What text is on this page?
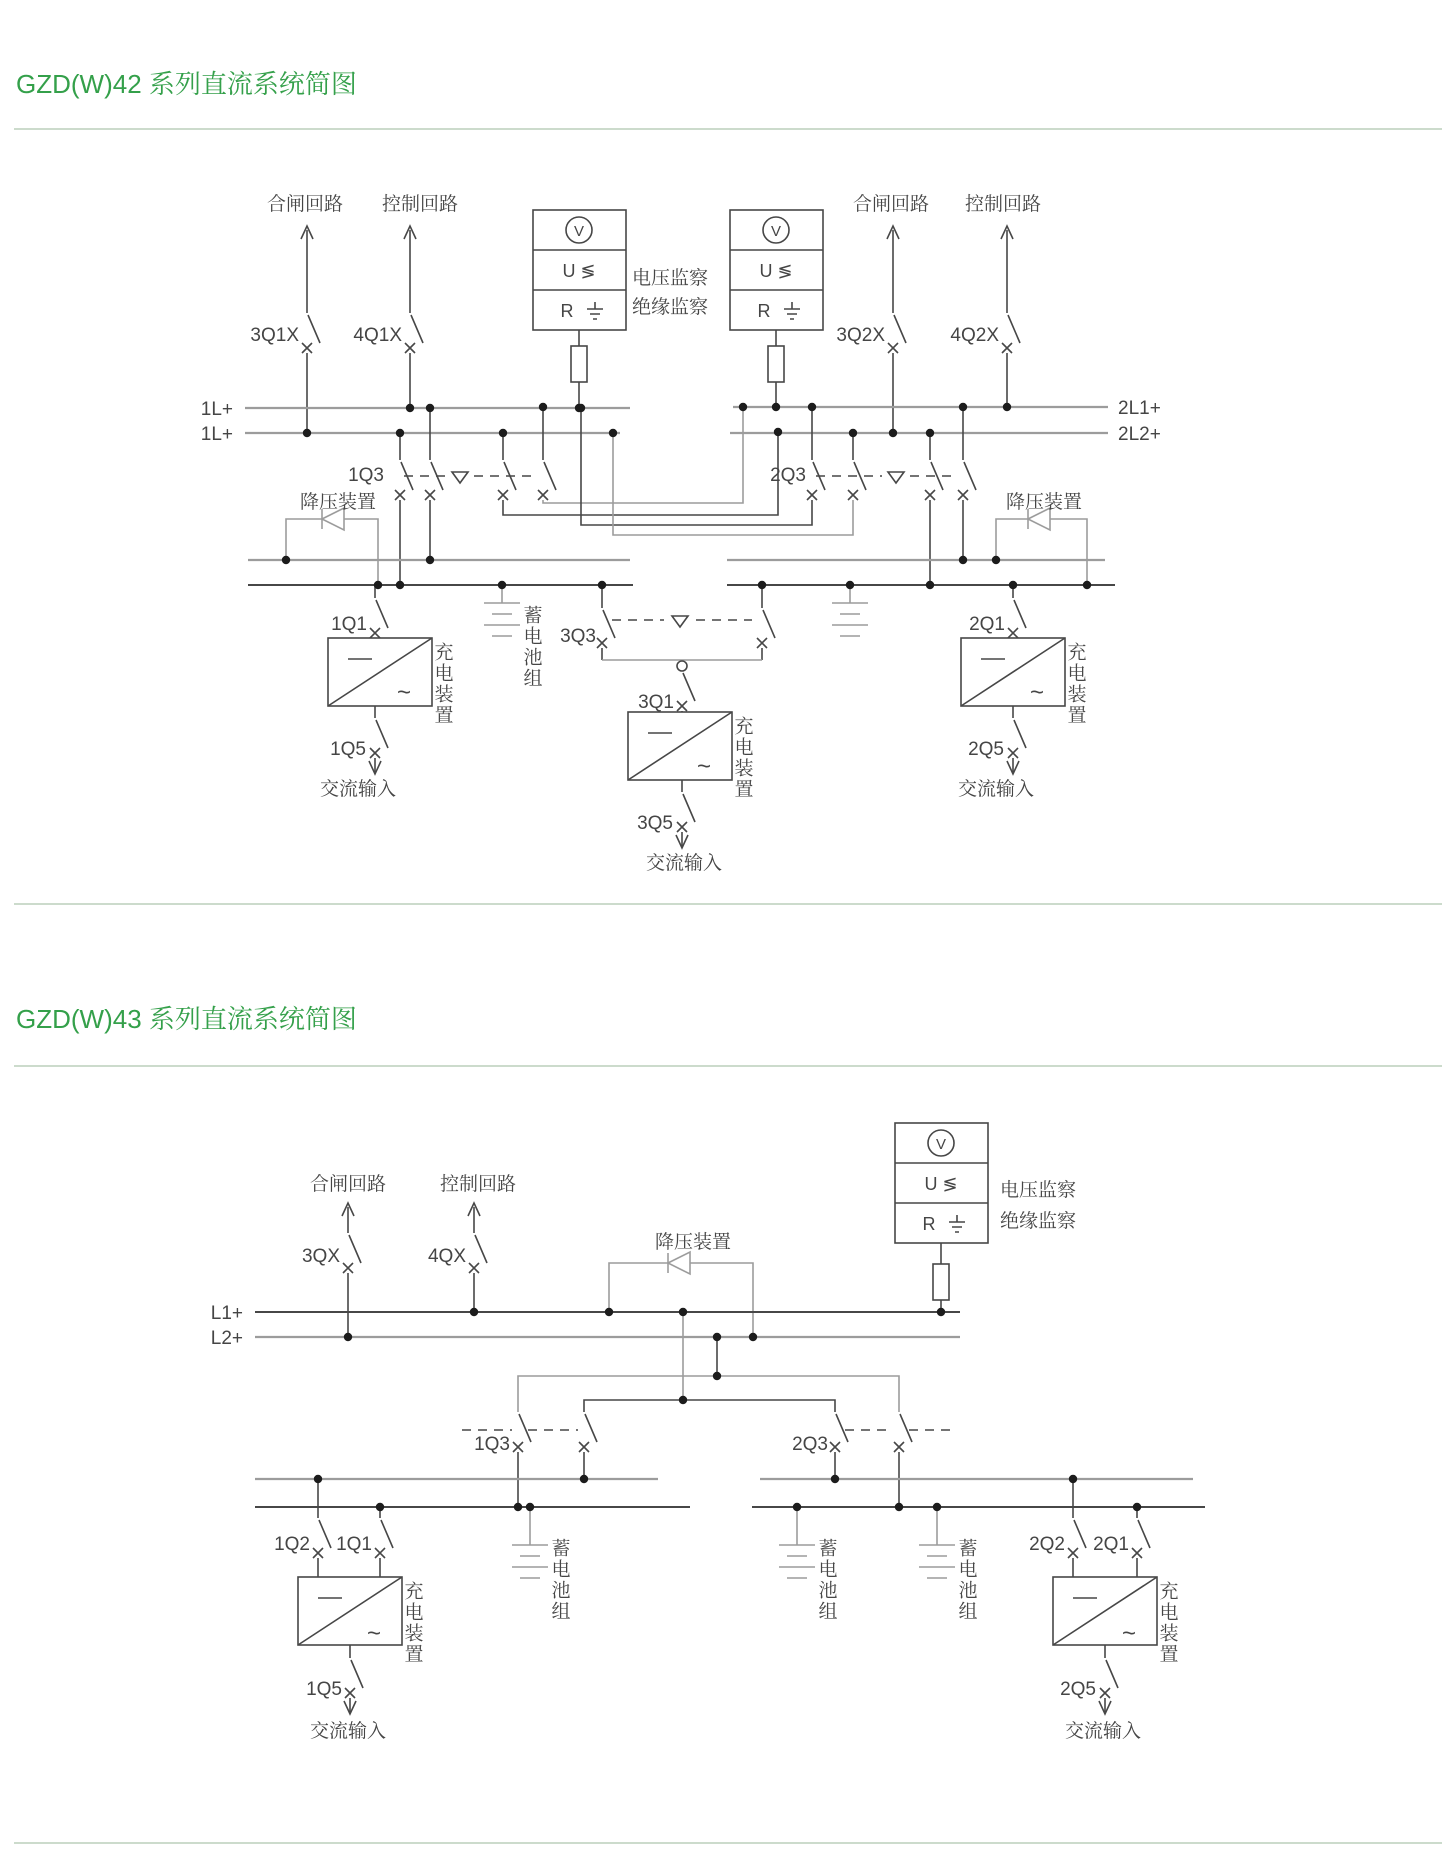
GZD(W)42 系列直流系统简图
GZD(W)43 系列直流系统简图
合闸回路
3Q1X
控制回路
4Q1X
V
U ≶
R
V
U ≶
R
电压监察
绝缘监察
合闸回路
3Q2X
控制回路
4Q2X
1L+
1L+
2L1+
2L2+
1Q3	2Q3
降压装置	降压装置
蓄电池组
1Q1
~ 充电装置
1Q5
交流输入
3Q3
3Q1
~ 充电装置
3Q5
交流输入
2Q1
~ 充电装置
2Q5
交流输入
合闸回路
3QX
控制回路
4QX
降压装置
V
U ≶
R
电压监察
绝缘监察
L1+
L2+
1Q3	2Q3
1Q2 1Q1
~ 充电装置
1Q5
交流输入
蓄电池组	蓄电池组	蓄电池组	2Q2 2Q1
~ 充电装置
2Q5
交流输入
